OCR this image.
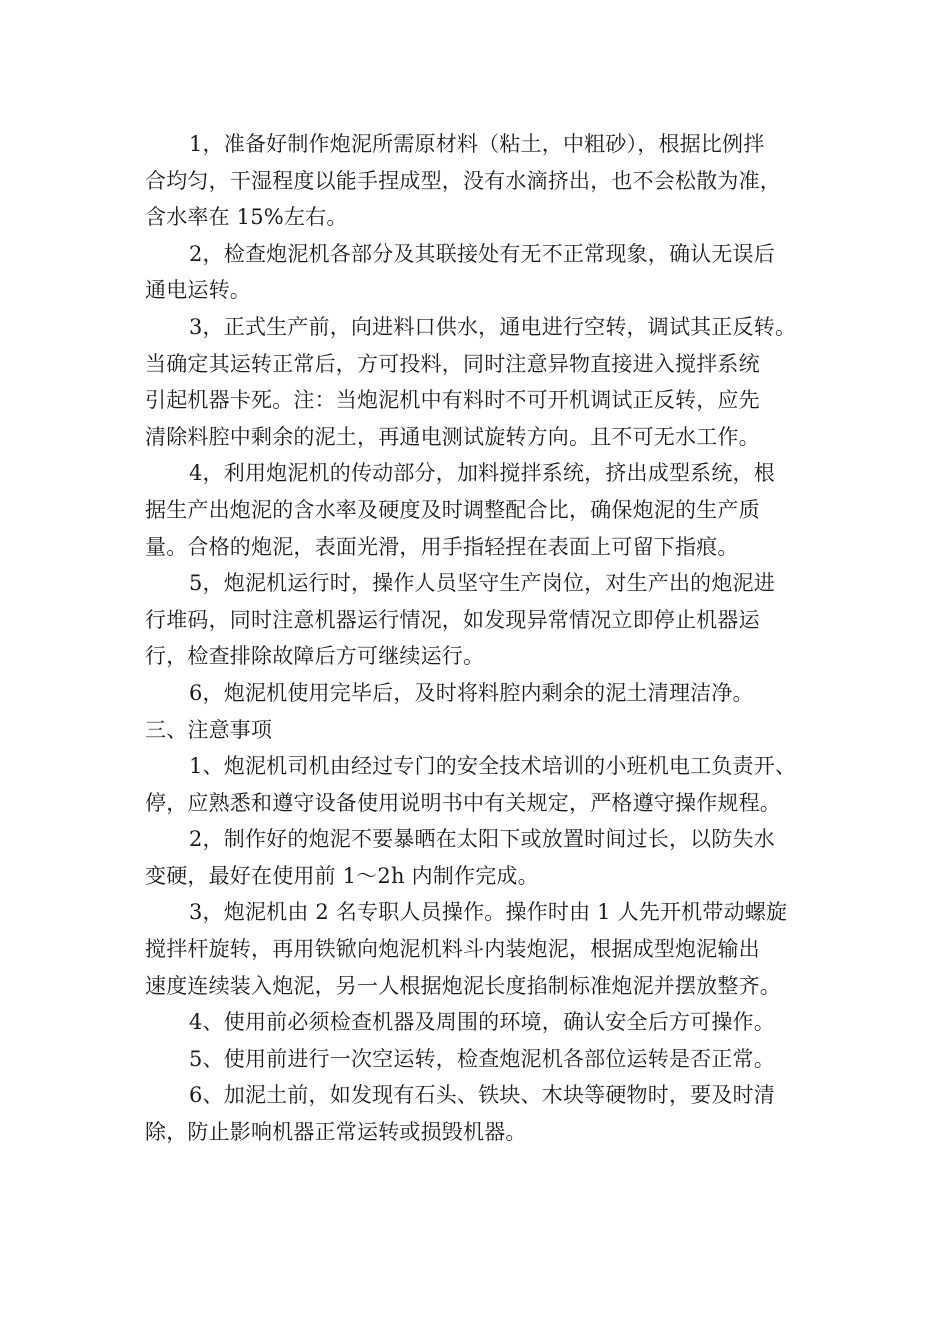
1，准备好制作炮泥所需原材料（粘土，中粗砂），根据比例拌
合均匀，干湿程度以能手捏成型，没有水滴挤出，也不会松散为准，
含水率在 15%左右。
2，检查炮泥机各部分及其联接处有无不正常现象，确认无误后
通电运转。
3，正式生产前，向进料口供水，通电进行空转，调试其正反转。
当确定其运转正常后，方可投料，同时注意异物直接进入搅拌系统
引起机器卡死。注：当炮泥机中有料时不可开机调试正反转，应先
清除料腔中剩余的泥土，再通电测试旋转方向。且不可无水工作。
4，利用炮泥机的传动部分，加料搅拌系统，挤出成型系统，根
据生产出炮泥的含水率及硬度及时调整配合比，确保炮泥的生产质
量。合格的炮泥，表面光滑，用手指轻捏在表面上可留下指痕。
5，炮泥机运行时，操作人员坚守生产岗位，对生产出的炮泥进
行堆码，同时注意机器运行情况，如发现异常情况立即停止机器运
行，检查排除故障后方可继续运行。
6，炮泥机使用完毕后，及时将料腔内剩余的泥土清理洁净。
三、注意事项
1、炮泥机司机由经过专门的安全技术培训的小班机电工负责开、
停，应熟悉和遵守设备使用说明书中有关规定，严格遵守操作规程。
2，制作好的炮泥不要暴晒在太阳下或放置时间过长，以防失水
变硬，最好在使用前 1～2h 内制作完成。
3，炮泥机由 2 名专职人员操作。操作时由 1 人先开机带动螺旋
搅拌杆旋转，再用铁锨向炮泥机料斗内装炮泥，根据成型炮泥输出
速度连续装入炮泥，另一人根据炮泥长度掐制标准炮泥并摆放整齐。
4、使用前必须检查机器及周围的环境，确认安全后方可操作。
5、使用前进行一次空运转，检查炮泥机各部位运转是否正常。
6、加泥土前，如发现有石头、铁块、木块等硬物时，要及时清
除，防止影响机器正常运转或损毁机器。
